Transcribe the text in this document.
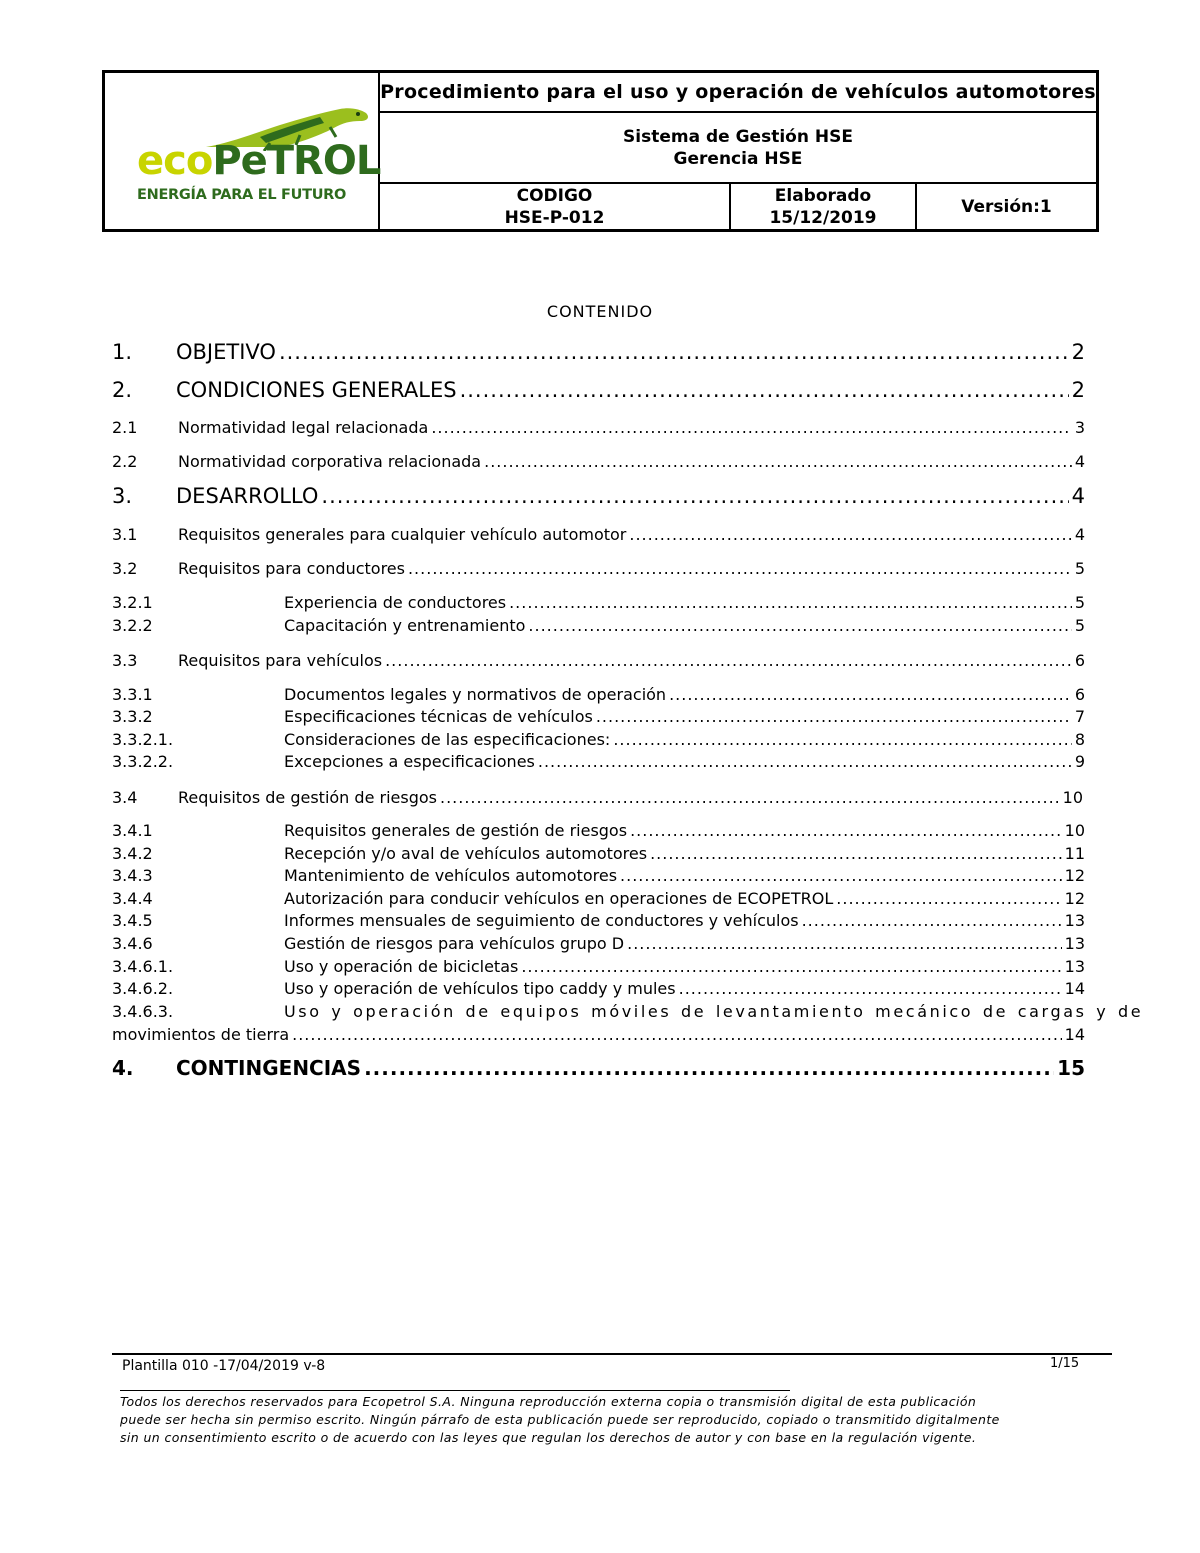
ecoPeTROL
ENERGÍA PARA EL FUTURO
Procedimiento para el uso y operación de vehículos automotores
Sistema de Gestión HSE
Gerencia HSE
CODIGO
HSE-P-012
Elaborado
15/12/2019
Versión:1
CONTENIDO
1.	OBJETIVO .....	2
2.	CONDICIONES GENERALES .....	2
2.1	Normatividad legal relacionada .....	3
2.2	Normatividad corporativa relacionada .....	4
3.	DESARROLLO .....	4
3.1	Requisitos generales para cualquier vehículo automotor .....	4
3.2	Requisitos para conductores .....	5
3.2.1	Experiencia de conductores .....	5
3.2.2	Capacitación y entrenamiento .....	5
3.3	Requisitos para vehículos .....	6
3.3.1	Documentos legales y normativos de operación .....	6
3.3.2	Especificaciones técnicas de vehículos .....	7
3.3.2.1.	Consideraciones de las especificaciones: .....	8
3.3.2.2.	Excepciones a especificaciones .....	9
3.4	Requisitos de gestión de riesgos .....	10
3.4.1	Requisitos generales de gestión de riesgos .....	10
3.4.2	Recepción y/o aval de vehículos automotores .....	11
3.4.3	Mantenimiento de vehículos automotores .....	12
3.4.4	Autorización para conducir vehículos en operaciones de ECOPETROL .....	12
3.4.5	Informes mensuales de seguimiento de conductores y vehículos .....	13
3.4.6	Gestión de riesgos para vehículos grupo D .....	13
3.4.6.1.	Uso y operación de bicicletas .....	13
3.4.6.2.	Uso y operación de vehículos tipo caddy y mules .....	14
3.4.6.3.	Uso y operación de equipos móviles de levantamiento mecánico de cargas y de
movimientos de tierra .....	14
4.	CONTINGENCIAS .....	15
Plantilla 010 -17/04/2019 v-8	1/15
Todos los derechos reservados para Ecopetrol S.A. Ninguna reproducción externa copia o transmisión digital de esta publicación puede ser hecha sin permiso escrito. Ningún párrafo de esta publicación puede ser reproducido, copiado o transmitido digitalmente sin un consentimiento escrito o de acuerdo con las leyes que regulan los derechos de autor y con base en la regulación vigente.
